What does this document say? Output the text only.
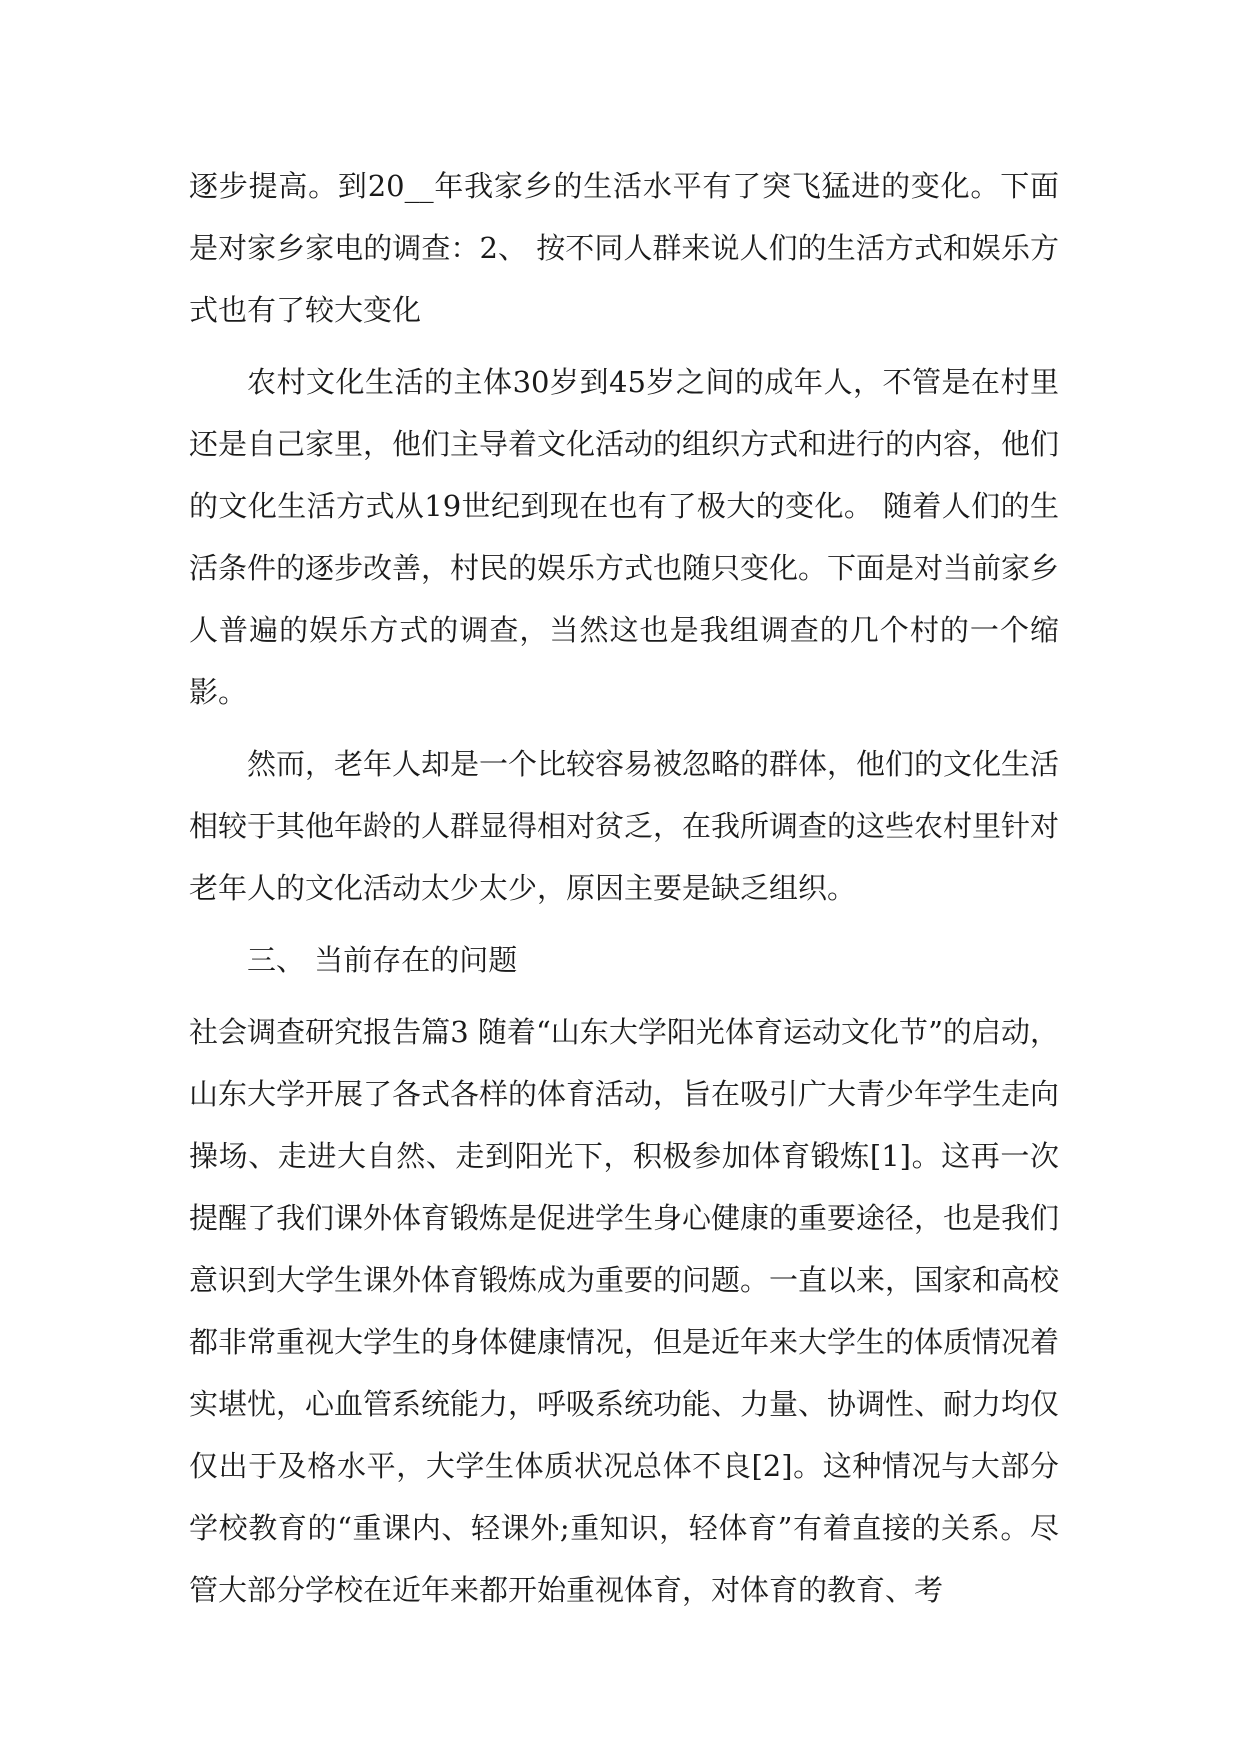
逐步提高。到20__年我家乡的生活水平有了突飞猛进的变化。下面是对家乡家电的调查：2、 按不同人群来说人们的生活方式和娱乐方式也有了较大变化

农村文化生活的主体30岁到45岁之间的成年人，不管是在村里还是自己家里，他们主导着文化活动的组织方式和进行的内容，他们的文化生活方式从19世纪到现在也有了极大的变化。 随着人们的生活条件的逐步改善，村民的娱乐方式也随只变化。下面是对当前家乡人普遍的娱乐方式的调查，当然这也是我组调查的几个村的一个缩影。

然而，老年人却是一个比较容易被忽略的群体，他们的文化生活相较于其他年龄的人群显得相对贫乏，在我所调查的这些农村里针对老年人的文化活动太少太少，原因主要是缺乏组织。

三、 当前存在的问题

社会调查研究报告篇3 随着“山东大学阳光体育运动文化节”的启动，山东大学开展了各式各样的体育活动，旨在吸引广大青少年学生走向操场、走进大自然、走到阳光下，积极参加体育锻炼[1]。这再一次提醒了我们课外体育锻炼是促进学生身心健康的重要途径，也是我们意识到大学生课外体育锻炼成为重要的问题。一直以来，国家和高校都非常重视大学生的身体健康情况，但是近年来大学生的体质情况着实堪忧，心血管系统能力，呼吸系统功能、力量、协调性、耐力均仅仅出于及格水平，大学生体质状况总体不良[2]。这种情况与大部分学校教育的“重课内、轻课外;重知识，轻体育”有着直接的关系。尽管大部分学校在近年来都开始重视体育，对体育的教育、考
